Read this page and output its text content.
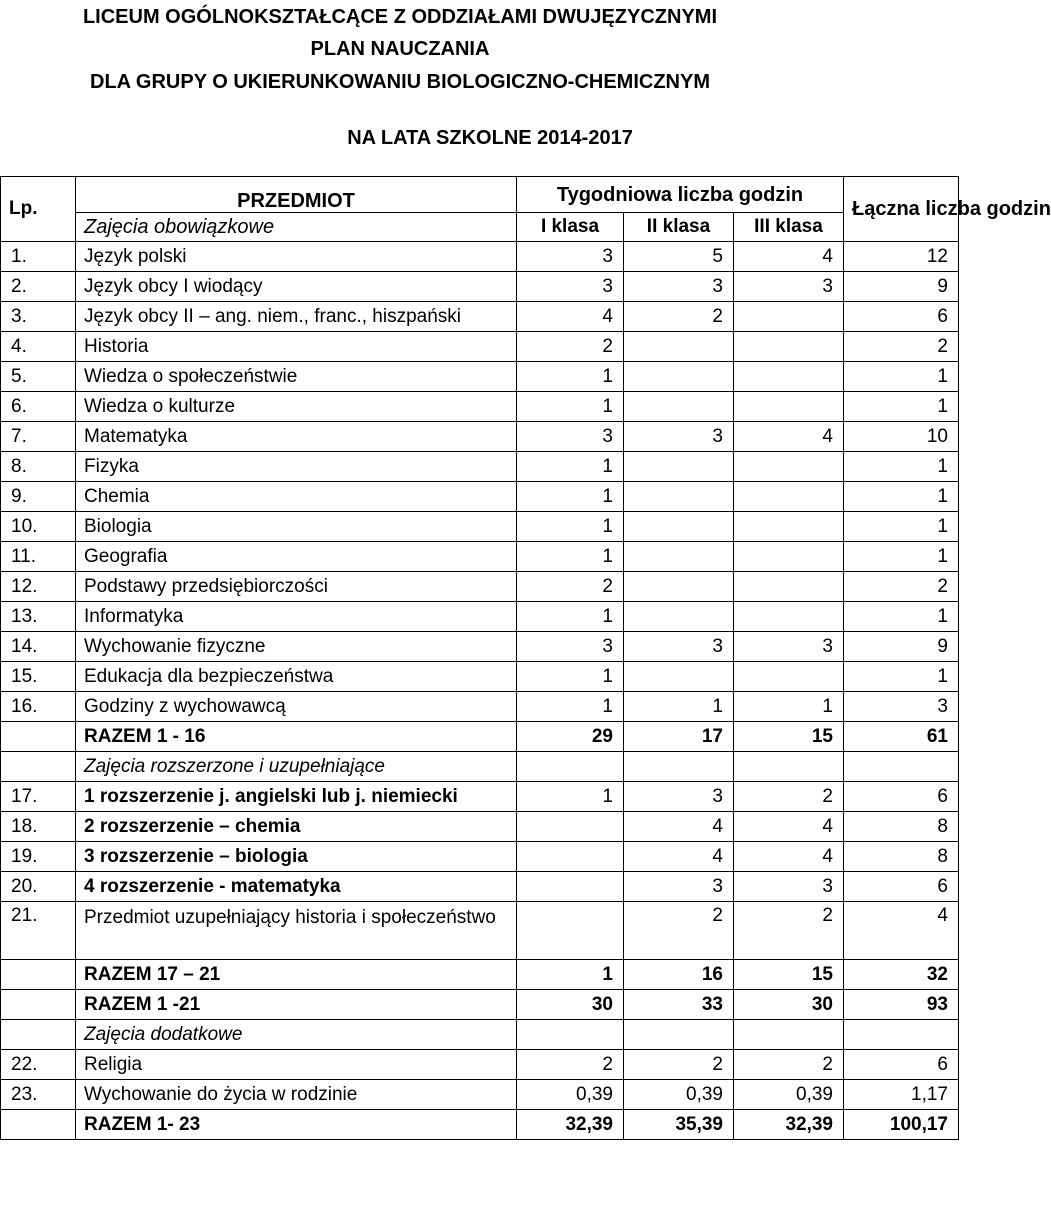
LICEUM OGÓLNOKSZTAŁCĄCE Z ODDZIAŁAMI DWUJĘZYCZNYMI
PLAN NAUCZANIA
DLA GRUPY O UKIERUNKOWANIU BIOLOGICZNO-CHEMICZNYM
NA LATA SZKOLNE 2014-2017
Lp.	PRZEDMIOT	Tygodniowa liczba godzin			Łączna liczba godzin
	Zajęcia obowiązkowe	I klasa	II klasa	III klasa	
1.	Język polski	3	5	4	12
2.	Język obcy I wiodący	3	3	3	9
3.	Język obcy II – ang. niem., franc., hiszpański	4	2		6
4.	Historia	2			2
5.	Wiedza o społeczeństwie	1			1
6.	Wiedza o kulturze	1			1
7.	Matematyka	3	3	4	10
8.	Fizyka	1			1
9.	Chemia	1			1
10.	Biologia	1			1
11.	Geografia	1			1
12.	Podstawy przedsiębiorczości	2			2
13.	Informatyka	1			1
14.	Wychowanie fizyczne	3	3	3	9
15.	Edukacja dla bezpieczeństwa	1			1
16.	Godziny z wychowawcą	1	1	1	3
	RAZEM 1 - 16	29	17	15	61
	Zajęcia rozszerzone i uzupełniające				
17.	1 rozszerzenie j. angielski lub j. niemiecki	1	3	2	6
18.	2 rozszerzenie – chemia		4	4	8
19.	3 rozszerzenie – biologia		4	4	8
20.	4 rozszerzenie - matematyka		3	3	6
21.	Przedmiot uzupełniający historia i społeczeństwo		2	2	4
	RAZEM 17 – 21	1	16	15	32
	RAZEM 1 -21	30	33	30	93
	Zajęcia dodatkowe				
22.	Religia	2	2	2	6
23.	Wychowanie do życia w rodzinie	0,39	0,39	0,39	1,17
	RAZEM 1- 23	32,39	35,39	32,39	100,17
